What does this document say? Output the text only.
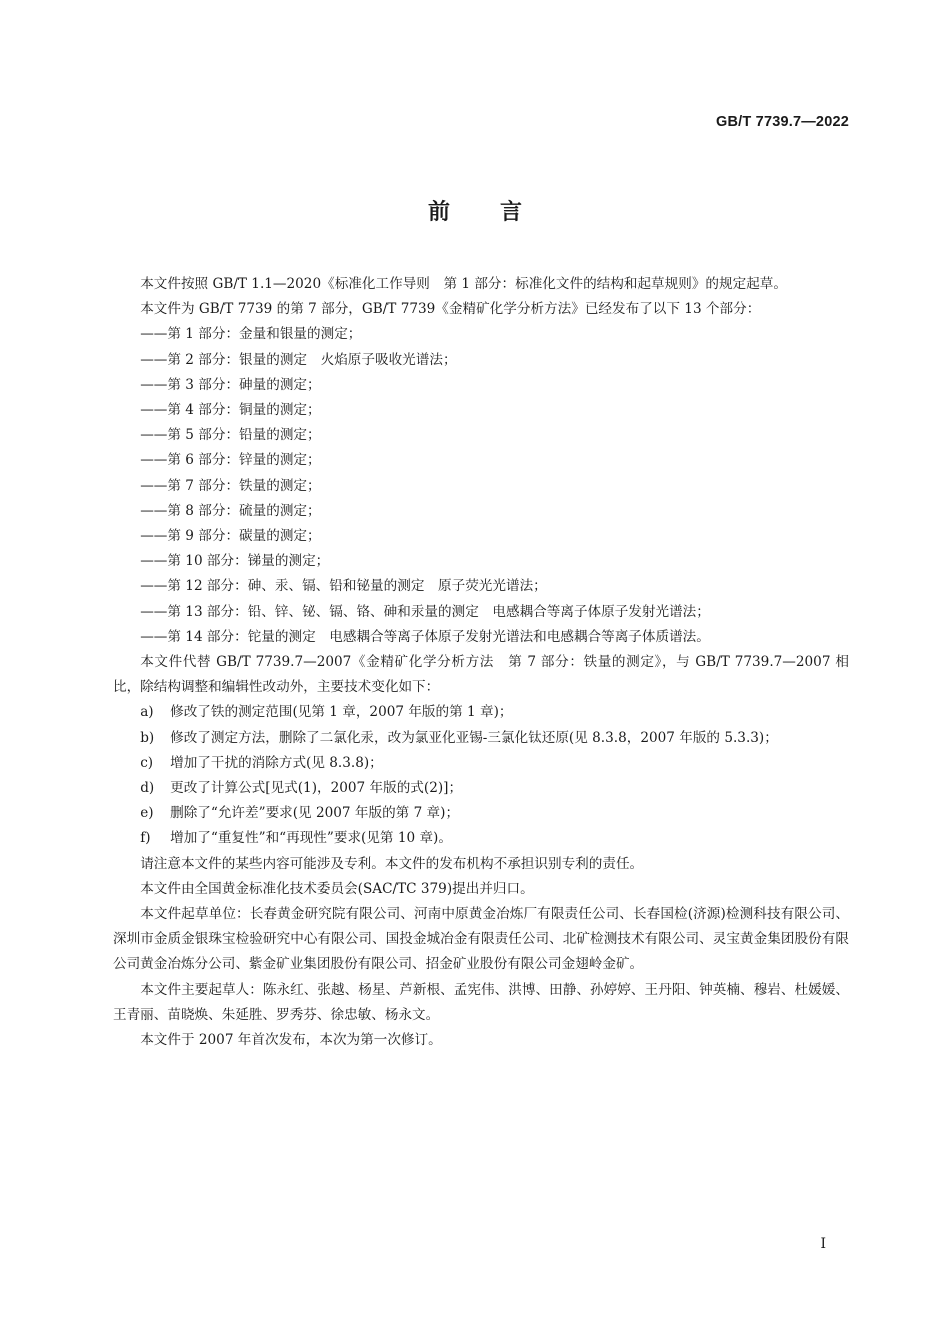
GB/T 7739.7—2022
前言

本文件按照 GB/T 1.1—2020《标准化工作导则　第 1 部分：标准化文件的结构和起草规则》的规定起草。

本文件为 GB/T 7739 的第 7 部分，GB/T 7739《金精矿化学分析方法》已经发布了以下 13 个部分：

——第 1 部分：金量和银量的测定；

——第 2 部分：银量的测定　火焰原子吸收光谱法；

——第 3 部分：砷量的测定；

——第 4 部分：铜量的测定；

——第 5 部分：铅量的测定；

——第 6 部分：锌量的测定；

——第 7 部分：铁量的测定；

——第 8 部分：硫量的测定；

——第 9 部分：碳量的测定；

——第 10 部分：锑量的测定；

——第 12 部分：砷、汞、镉、铅和铋量的测定　原子荧光光谱法；

——第 13 部分：铅、锌、铋、镉、铬、砷和汞量的测定　电感耦合等离子体原子发射光谱法；

——第 14 部分：铊量的测定　电感耦合等离子体原子发射光谱法和电感耦合等离子体质谱法。

本文件代替 GB/T 7739.7—2007《金精矿化学分析方法　第 7 部分：铁量的测定》，与 GB/T 7739.7—2007 相比，除结构调整和编辑性改动外，主要技术变化如下：

a) 修改了铁的测定范围(见第 1 章，2007 年版的第 1 章)；

b) 修改了测定方法，删除了二氯化汞，改为氯亚化亚锡-三氯化钛还原(见 8.3.8，2007 年版的 5.3.3)；

c) 增加了干扰的消除方式(见 8.3.8)；

d) 更改了计算公式[见式(1)，2007 年版的式(2)]；

e) 删除了“允许差”要求(见 2007 年版的第 7 章)；

f) 增加了“重复性”和“再现性”要求(见第 10 章)。

请注意本文件的某些内容可能涉及专利。本文件的发布机构不承担识别专利的责任。

本文件由全国黄金标准化技术委员会(SAC/TC 379)提出并归口。

本文件起草单位：长春黄金研究院有限公司、河南中原黄金冶炼厂有限责任公司、长春国检(济源)检测科技有限公司、深圳市金质金银珠宝检验研究中心有限公司、国投金城冶金有限责任公司、北矿检测技术有限公司、灵宝黄金集团股份有限公司黄金冶炼分公司、紫金矿业集团股份有限公司、招金矿业股份有限公司金翅岭金矿。

本文件主要起草人：陈永红、张越、杨星、芦新根、孟宪伟、洪博、田静、孙婷婷、王丹阳、钟英楠、穆岩、杜媛媛、王青丽、苗晓焕、朱延胜、罗秀芬、徐忠敏、杨永文。

本文件于 2007 年首次发布，本次为第一次修订。

Ⅰ
